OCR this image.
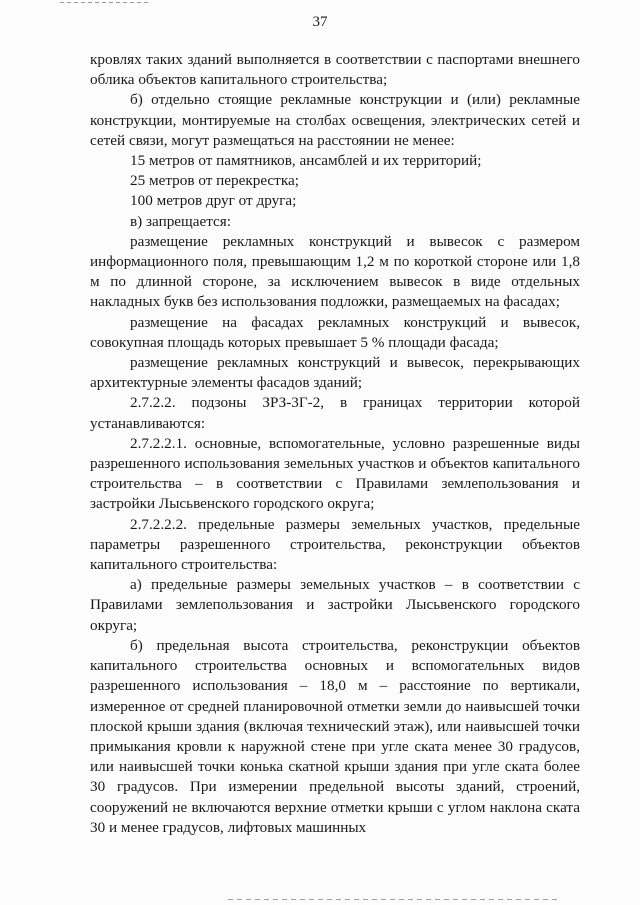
37

кровлях таких зданий выполняется в соответствии с паспортами внешнего облика объектов капитального строительства;

б) отдельно стоящие рекламные конструкции и (или) рекламные конструкции, монтируемые на столбах освещения, электрических сетей и сетей связи, могут размещаться на расстоянии не менее:

15 метров от памятников, ансамблей и их территорий;

25 метров от перекрестка;

100 метров друг от друга;

в) запрещается:

размещение рекламных конструкций и вывесок с размером информационного поля, превышающим 1,2 м по короткой стороне или 1,8 м по длинной стороне, за исключением вывесок в виде отдельных накладных букв без использования подложки, размещаемых на фасадах;

размещение на фасадах рекламных конструкций и вывесок, совокупная площадь которых превышает 5 % площади фасада;

размещение рекламных конструкций и вывесок, перекрывающих архитектурные элементы фасадов зданий;

2.7.2.2. подзоны ЗРЗ-3Г-2, в границах территории которой устанавливаются:

2.7.2.2.1. основные, вспомогательные, условно разрешенные виды разрешенного использования земельных участков и объектов капитального строительства – в соответствии с Правилами землепользования и застройки Лысьвенского городского округа;

2.7.2.2.2. предельные размеры земельных участков, предельные параметры разрешенного строительства, реконструкции объектов капитального строительства:

а) предельные размеры земельных участков – в соответствии с Правилами землепользования и застройки Лысьвенского городского округа;

б) предельная высота строительства, реконструкции объектов капитального строительства основных и вспомогательных видов разрешенного использования – 18,0 м – расстояние по вертикали, измеренное от средней планировочной отметки земли до наивысшей точки плоской крыши здания (включая технический этаж), или наивысшей точки примыкания кровли к наружной стене при угле ската менее 30 градусов, или наивысшей точки конька скатной крыши здания при угле ската более 30 градусов. При измерении предельной высоты зданий, строений, сооружений не включаются верхние отметки крыши с углом наклона ската 30 и менее градусов, лифтовых машинных
